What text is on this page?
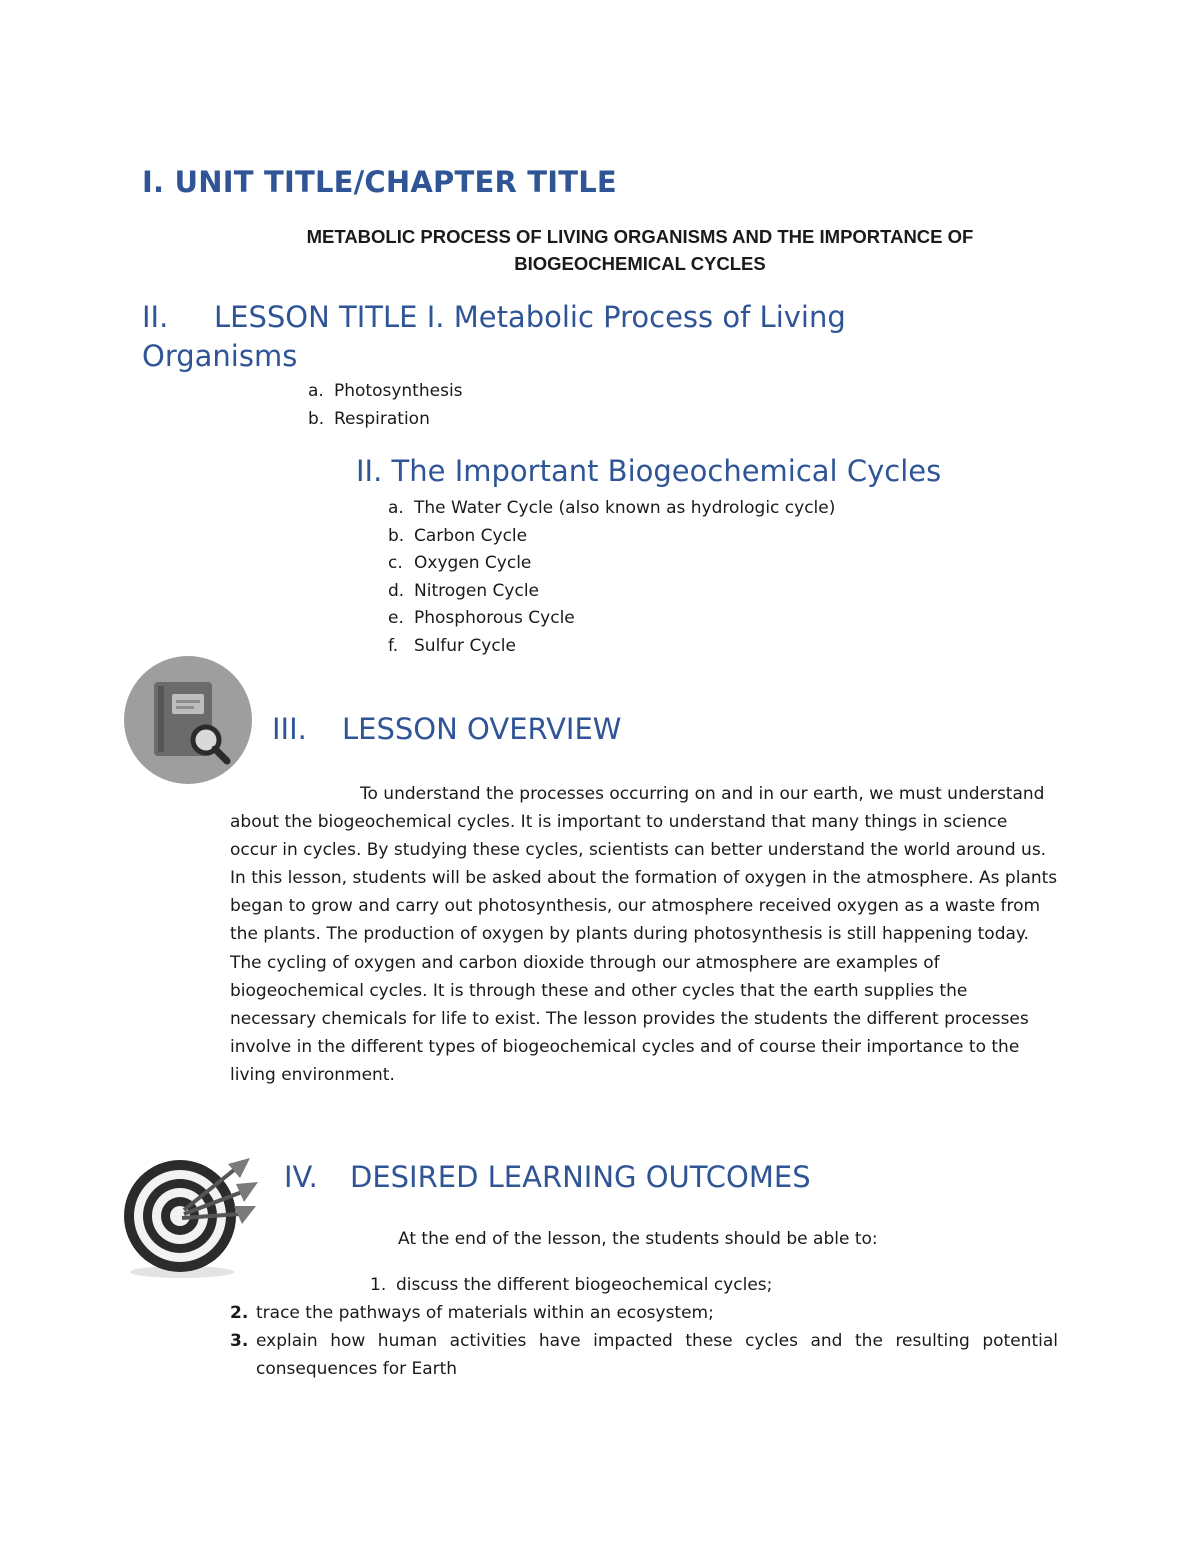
I. UNIT TITLE/CHAPTER TITLE
METABOLIC PROCESS OF LIVING ORGANISMS AND THE IMPORTANCE OF
BIOGEOCHEMICAL CYCLES
II. LESSON TITLE I. Metabolic Process of Living
Organisms
a. Photosynthesis
b. Respiration
II. The Important Biogeochemical Cycles
a. The Water Cycle (also known as hydrologic cycle)
b. Carbon Cycle
c. Oxygen Cycle
d. Nitrogen Cycle
e. Phosphorous Cycle
f. Sulfur Cycle
III. LESSON OVERVIEW

To understand the processes occurring on and in our earth, we must understand about the biogeochemical cycles. It is important to understand that many things in science occur in cycles. By studying these cycles, scientists can better understand the world around us. In this lesson, students will be asked about the formation of oxygen in the atmosphere. As plants began to grow and carry out photosynthesis, our atmosphere received oxygen as a waste from the plants. The production of oxygen by plants during photosynthesis is still happening today. The cycling of oxygen and carbon dioxide through our atmosphere are examples of biogeochemical cycles. It is through these and other cycles that the earth supplies the necessary chemicals for life to exist. The lesson provides the students the different processes involve in the different types of biogeochemical cycles and of course their importance to the living environment.

IV. DESIRED LEARNING OUTCOMES

At the end of the lesson, the students should be able to:

1. discuss the different biogeochemical cycles;
2. trace the pathways of materials within an ecosystem;
3. explain how human activities have impacted these cycles and the resulting potential consequences for Earth
